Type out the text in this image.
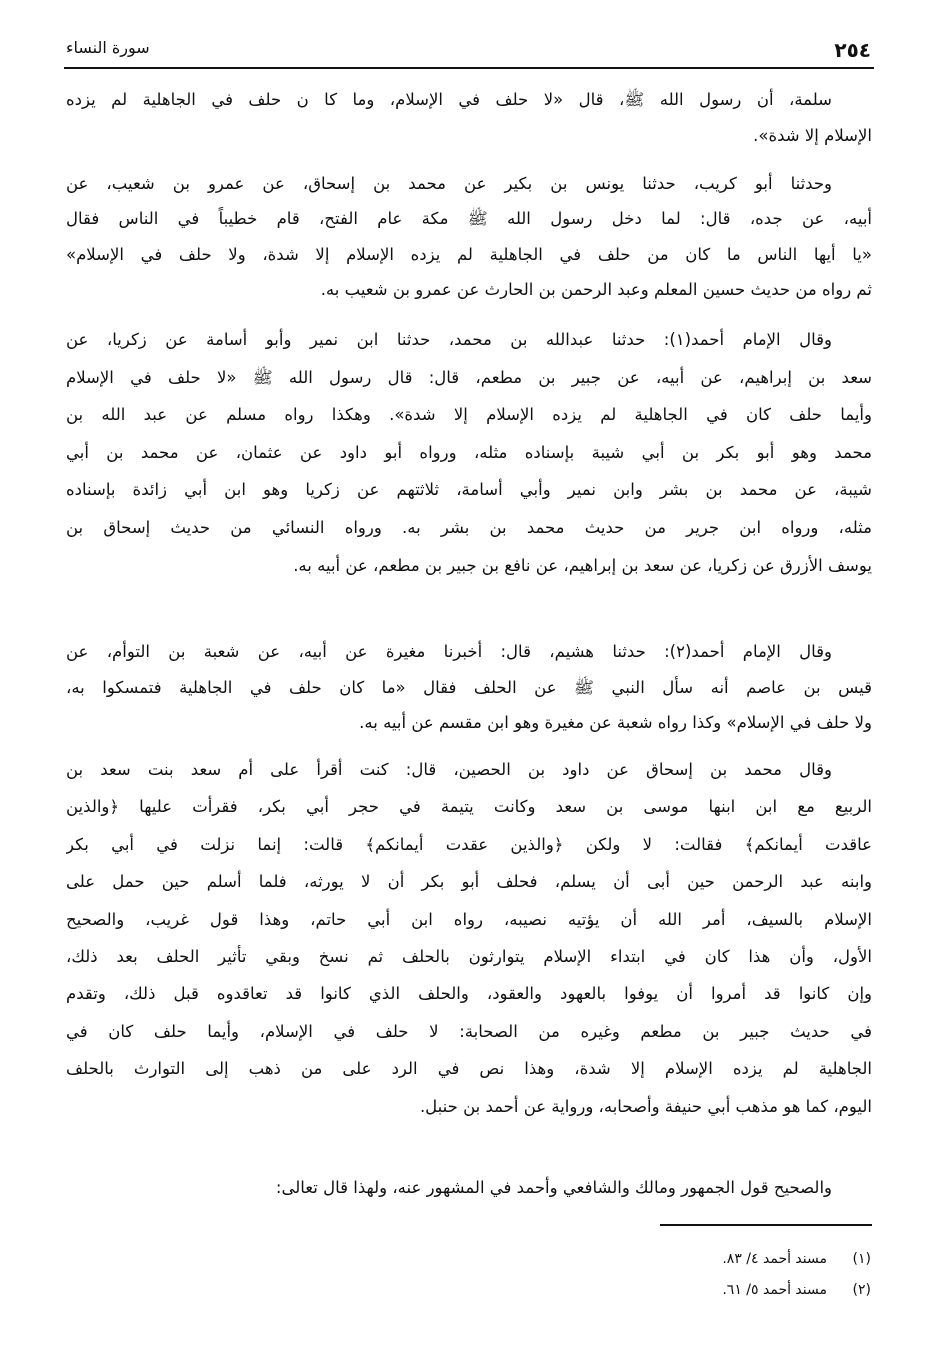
سورة النساء	٢٥٤
سلمة، أن رسول الله ﷺ، قال «لا حلف في الإسلام، وما كا ن حلف في الجاهلية لم يزده
الإسلام إلا شدة».
وحدثنا أبو كريب، حدثنا يونس بن بكير عن محمد بن إسحاق، عن عمرو بن شعيب، عن
أبيه، عن جده، قال: لما دخل رسول الله ﷺ مكة عام الفتح، قام خطيباً في الناس فقال
«يا أيها الناس ما كان من حلف في الجاهلية لم يزده الإسلام إلا شدة، ولا حلف في الإسلام»
ثم رواه من حديث حسين المعلم وعبد الرحمن بن الحارث عن عمرو بن شعيب به.
وقال الإمام أحمد(١): حدثنا عبدالله بن محمد، حدثنا ابن نمير وأبو أسامة عن زكريا، عن
سعد بن إبراهيم، عن أبيه، عن جبير بن مطعم، قال: قال رسول الله ﷺ «لا حلف في الإسلام
وأيما حلف كان في الجاهلية لم يزده الإسلام إلا شدة». وهكذا رواه مسلم عن عبد الله بن
محمد وهو أبو بكر بن أبي شيبة بإسناده مثله، ورواه أبو داود عن عثمان، عن محمد بن أبي
شيبة، عن محمد بن بشر وابن نمير وأبي أسامة، ثلاثتهم عن زكريا وهو ابن أبي زائدة بإسناده
مثله، ورواه ابن جرير من حديث محمد بن بشر به. ورواه النسائي من حديث إسحاق بن
يوسف الأزرق عن زكريا، عن سعد بن إبراهيم، عن نافع بن جبير بن مطعم، عن أبيه به.
وقال الإمام أحمد(٢): حدثنا هشيم، قال: أخبرنا مغيرة عن أبيه، عن شعبة بن التوأم، عن
قيس بن عاصم أنه سأل النبي ﷺ عن الحلف فقال «ما كان حلف في الجاهلية فتمسكوا به،
ولا حلف في الإسلام» وكذا رواه شعبة عن مغيرة وهو ابن مقسم عن أبيه به.
وقال محمد بن إسحاق عن داود بن الحصين، قال: كنت أقرأ على أم سعد بنت سعد بن
الربيع مع ابن ابنها موسى بن سعد وكانت يتيمة في حجر أبي بكر، فقرأت عليها ﴿والذين
عاقدت أيمانكم﴾ فقالت: لا ولكن ﴿والذين عقدت أيمانكم﴾ قالت: إنما نزلت في أبي بكر
وابنه عبد الرحمن حين أبى أن يسلم، فحلف أبو بكر أن لا يورثه، فلما أسلم حين حمل على
الإسلام بالسيف، أمر الله أن يؤتيه نصيبه، رواه ابن أبي حاتم، وهذا قول غريب، والصحيح
الأول، وأن هذا كان في ابتداء الإسلام يتوارثون بالحلف ثم نسخ وبقي تأثير الحلف بعد ذلك،
وإن كانوا قد أمروا أن يوفوا بالعهود والعقود، والحلف الذي كانوا قد تعاقدوه قبل ذلك، وتقدم
في حديث جبير بن مطعم وغيره من الصحابة: لا حلف في الإسلام، وأيما حلف كان في
الجاهلية لم يزده الإسلام إلا شدة، وهذا نص في الرد على من ذهب إلى التوارث بالحلف
اليوم، كما هو مذهب أبي حنيفة وأصحابه، ورواية عن أحمد بن حنبل.
والصحيح قول الجمهور ومالك والشافعي وأحمد في المشهور عنه، ولهذا قال تعالى:
(١)مسند أحمد ٤/ ٨٣.
(٢)مسند أحمد ٥/ ٦١.
